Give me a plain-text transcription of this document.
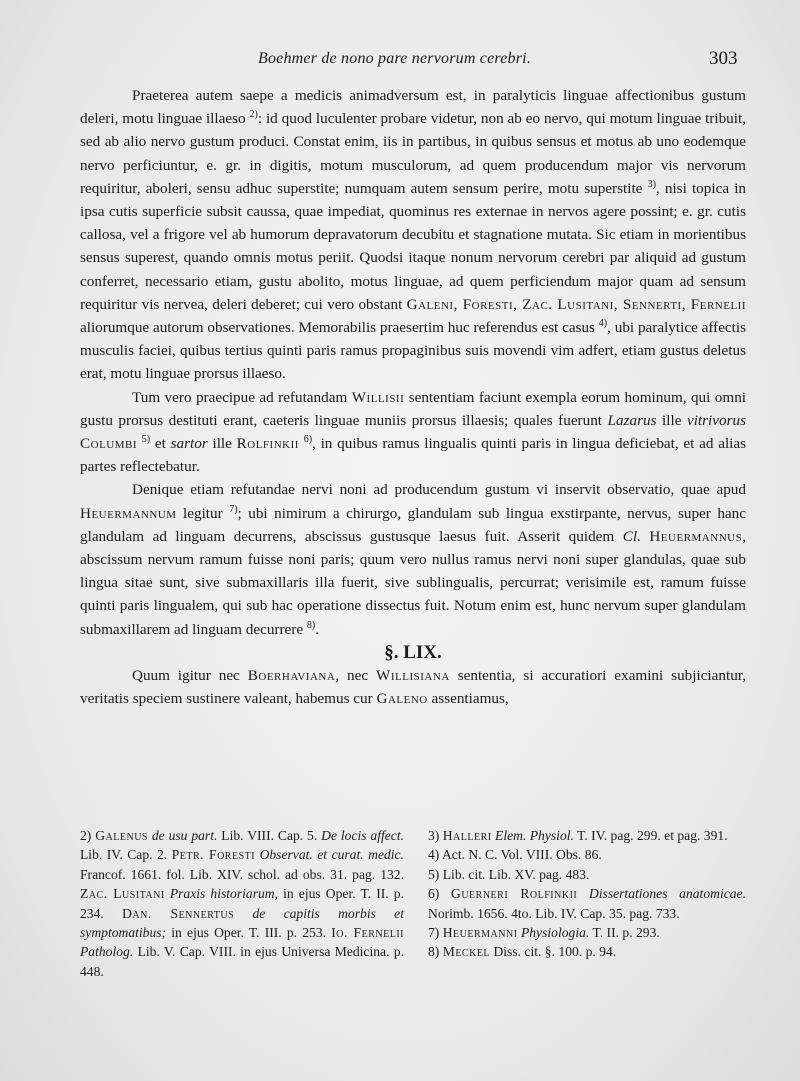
Boehmer de nono pare nervorum cerebri.	303

Praeterea autem saepe a medicis animadversum est, in paralyticis linguae affectionibus gustum deleri, motu linguae illaeso $^{2)}$: id quod luculenter probare videtur, non ab eo nervo, qui motum linguae tribuit, sed ab alio nervo gustum produci. Constat enim, iis in partibus, in quibus sensus et motus ab uno eodemque nervo perficiuntur, e. gr. in digitis, motum musculorum, ad quem producendum major vis nervorum requiritur, aboleri, sensu adhuc superstite; numquam autem sensum perire, motu superstite $^{3)}$, nisi topica in ipsa cutis superficie subsit caussa, quae impediat, quominus res externae in nervos agere possint; e. gr. cutis callosa, vel a frigore vel ab humorum depravatorum decubitu et stagnatione mutata. Sic etiam in morientibus sensus superest, quando omnis motus periit. Quodsi itaque nonum nervorum cerebri par aliquid ad gustum conferret, necessario etiam, gustu abolito, motus linguae, ad quem perficiendum major quam ad sensum requiritur vis nervea, deleri deberet; cui vero obstant Galeni, Foresti, Zac. Lusitani, Sennerti, Fernelii aliorumque autorum observationes. Memorabilis praesertim huc referendus est casus $^{4)}$, ubi paralytice affectis musculis faciei, quibus tertius quinti paris ramus propaginibus suis movendi vim adfert, etiam gustus deletus erat, motu linguae prorsus illaeso.

Tum vero praecipue ad refutandam Willisii sententiam faciunt exempla eorum hominum, qui omni gustu prorsus destituti erant, caeteris linguae muniis prorsus illaesis; quales fuerunt Lazarus ille vitrivorus Columbi $^{5)}$ et sartor ille Rolfinkii $^{6)}$, in quibus ramus lingualis quinti paris in lingua deficiebat, et ad alias partes reflectebatur.

Denique etiam refutandae nervi noni ad producendum gustum vi inservit observatio, quae apud Heuermannum legitur $^{7)}$; ubi nimirum a chirurgo, glandulam sub lingua exstirpante, nervus, super hanc glandulam ad linguam decurrens, abscissus gustusque laesus fuit. Asserit quidem Cl. Heuermannus, abscissum nervum ramum fuisse noni paris; quum vero nullus ramus nervi noni super glandulas, quae sub lingua sitae sunt, sive submaxillaris illa fuerit, sive sublingualis, percurrat; verisimile est, ramum fuisse quinti paris lingualem, qui sub hac operatione dissectus fuit. Notum enim est, hunc nervum super glandulam submaxillarem ad linguam decurrere $^{8)}$.

§. LIX.

Quum igitur nec Boerhaviana, nec Willisiana sententia, si accuratiori examini subjiciantur, veritatis speciem sustinere valeant, habemus cur Galeno assentiamus,

2) Galenus de usu part. Lib. VIII. Cap. 5. De locis affect. Lib. IV. Cap. 2. Petr. Foresti Observat. et curat. medic. Francof. 1661. fol. Lib. XIV. schol. ad obs. 31. pag. 132. Zac. Lusitani Praxis historiarum, in ejus Oper. T. II. p. 234. Dan. Sennertus de capitis morbis et symptomatibus; in ejus Oper. T. III. p. 253. Io. Fernelii Patholog. Lib. V. Cap. VIII. in ejus Universa Medicina. p. 448.

3) Halleri Elem. Physiol. T. IV. pag. 299. et pag. 391.

4) Act. N. C. Vol. VIII. Obs. 86.

5) Lib. cit. Lib. XV. pag. 483.

6) Guerneri Rolfinkii Dissertationes anatomicae. Norimb. 1656. 4to. Lib. IV. Cap. 35. pag. 733.

7) Heuermanni Physiologia. T. II. p. 293.

8) Meckel Diss. cit. §. 100. p. 94.
